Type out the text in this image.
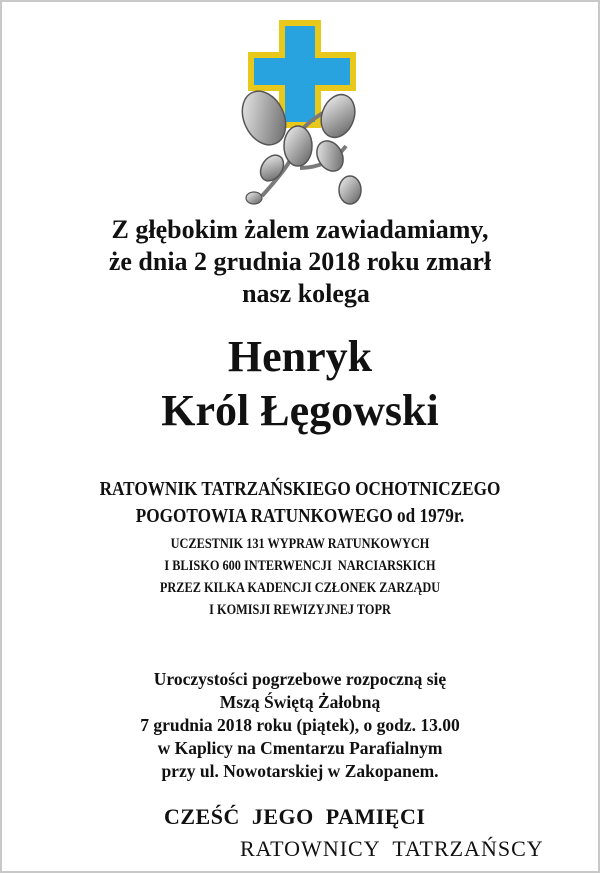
Z głębokim żalem zawiadamiamy,
że dnia 2 grudnia 2018 roku zmarł
nasz kolega
Henryk
Król Łęgowski
RATOWNIK TATRZAŃSKIEGO OCHOTNICZEGO
POGOTOWIA RATUNKOWEGO od 1979r.
UCZESTNIK 131 WYPRAW RATUNKOWYCH
I BLISKO 600 INTERWENCJI  NARCIARSKICH
PRZEZ KILKA KADENCJI CZŁONEK ZARZĄDU
I KOMISJI REWIZYJNEJ TOPR
Uroczystości pogrzebowe rozpoczną się
Mszą Świętą Żałobną
7 grudnia 2018 roku (piątek), o godz. 13.00
w Kaplicy na Cmentarzu Parafialnym
przy ul. Nowotarskiej w Zakopanem.
CZEŚĆ  JEGO  PAMIĘCI
RATOWNICY  TATRZAŃSCY
